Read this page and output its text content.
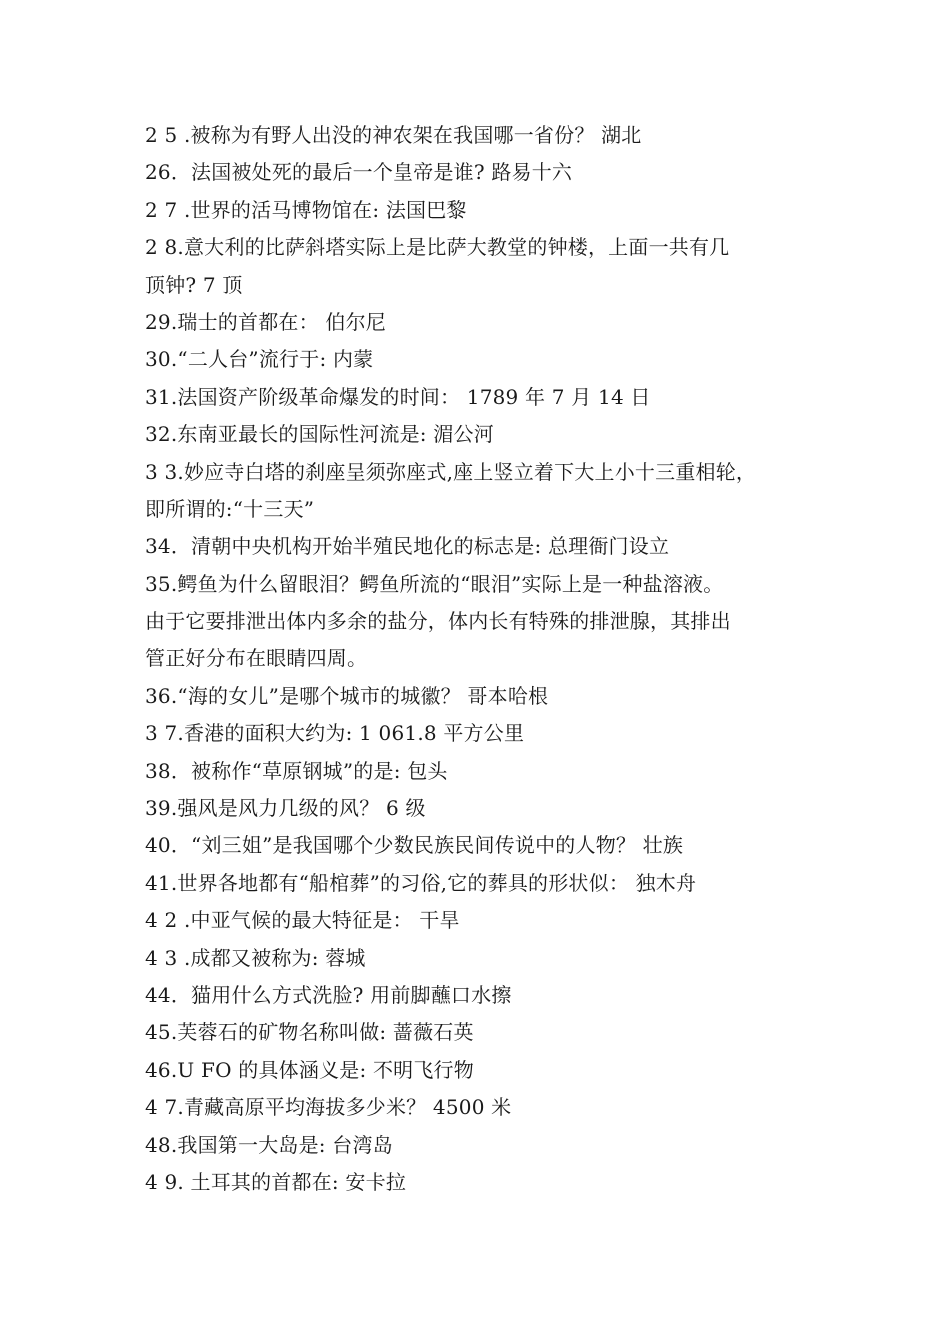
2 5 .被称为有野人出没的神农架在我国哪一省份？ 湖北
26．法国被处死的最后一个皇帝是谁? 路易十六
2 7 .世界的活马博物馆在: 法国巴黎
2 8.意大利的比萨斜塔实际上是比萨大教堂的钟楼，上面一共有几
顶钟? 7 顶
29.瑞士的首都在： 伯尔尼
30.“二人台”流行于: 内蒙
31.法国资产阶级革命爆发的时间： 1789 年 7 月 14 日
32.东南亚最长的国际性河流是: 湄公河
3 3.妙应寺白塔的刹座呈须弥座式,座上竖立着下大上小十三重相轮，
即所谓的:“十三天”
34．清朝中央机构开始半殖民地化的标志是: 总理衙门设立
35.鳄鱼为什么留眼泪？鳄鱼所流的“眼泪”实际上是一种盐溶液。
由于它要排泄出体内多余的盐分，体内长有特殊的排泄腺，其排出
管正好分布在眼睛四周。
36.“海的女儿”是哪个城市的城徽？ 哥本哈根
3 7.香港的面积大约为: 1 061.8 平方公里
38．被称作“草原钢城”的是: 包头
39.强风是风力几级的风？ 6 级
40．“刘三姐”是我国哪个少数民族民间传说中的人物？ 壮族
41.世界各地都有“船棺葬”的习俗,它的葬具的形状似： 独木舟
4 2 .中亚气候的最大特征是： 干旱
4 3 .成都又被称为: 蓉城
44．猫用什么方式洗脸? 用前脚蘸口水擦
45.芙蓉石的矿物名称叫做: 蔷薇石英
46.U FO 的具体涵义是: 不明飞行物
4 7.青藏高原平均海拔多少米？ 4500 米
48.我国第一大岛是: 台湾岛
4 9. 土耳其的首都在: 安卡拉
